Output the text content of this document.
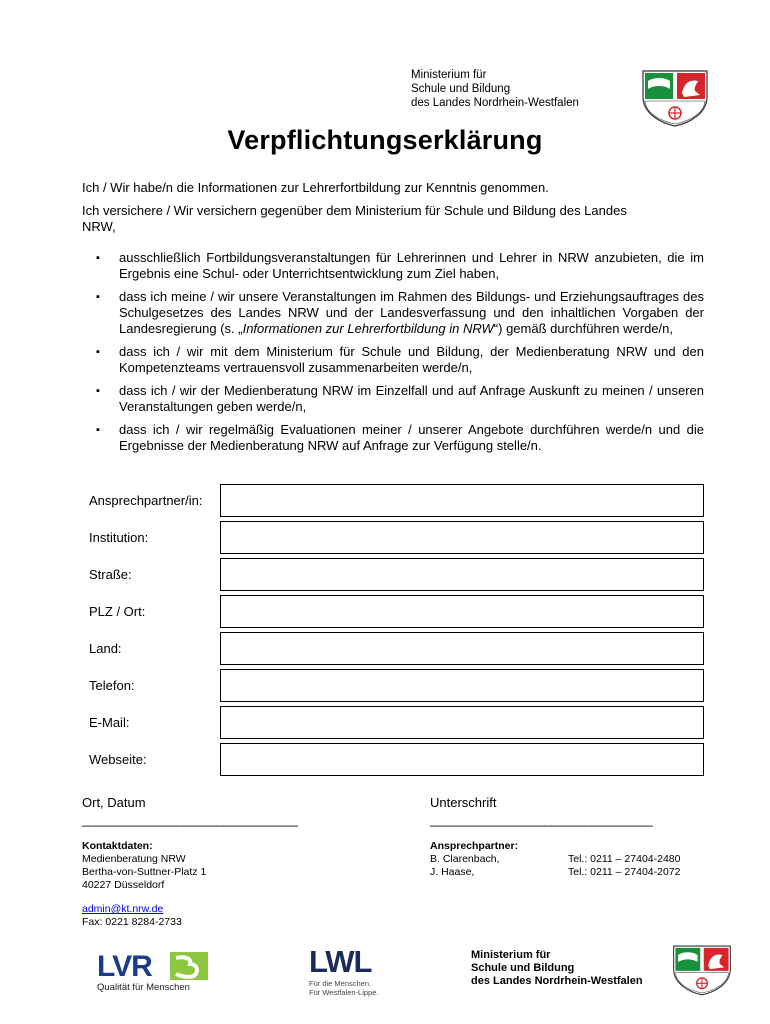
Ministerium für
Schule und Bildung
des Landes Nordrhein-Westfalen
Verpflichtungserklärung
Ich / Wir habe/n die Informationen zur Lehrerfortbildung zur Kenntnis genommen.
Ich versichere / Wir versichern gegenüber dem Ministerium für Schule und Bildung des Landes NRW,
▪ ausschließlich Fortbildungsveranstaltungen für Lehrerinnen und Lehrer in NRW anzubieten, die im Ergebnis eine Schul- oder Unterrichtsentwicklung zum Ziel haben,
▪ dass ich meine / wir unsere Veranstaltungen im Rahmen des Bildungs- und Erziehungsauftrages des Schulgesetzes des Landes NRW und der Landesverfassung und den inhaltlichen Vorgaben der Landesregierung (s. „Informationen zur Lehrerfortbildung in NRW“) gemäß durchführen werde/n,
▪ dass ich / wir mit dem Ministerium für Schule und Bildung, der Medienberatung NRW und den Kompetenzteams vertrauensvoll zusammenarbeiten werde/n,
▪ dass ich / wir der Medienberatung NRW im Einzelfall und auf Anfrage Auskunft zu meinen / unseren Veranstaltungen geben werde/n,
▪ dass ich / wir regelmäßig Evaluationen meiner / unserer Angebote durchführen werde/n und die Ergebnisse der Medienberatung NRW auf Anfrage zur Verfügung stelle/n.
Ansprechpartner/in:
Institution:
Straße:
PLZ / Ort:
Land:
Telefon:
E-Mail:
Webseite:
Ort, Datum	Unterschrift
________________________________	_________________________________
Kontaktdaten:
Medienberatung NRW
Bertha-von-Suttner-Platz 1
40227 Düsseldorf
admin@kt.nrw.de
Fax: 0221 8284-2733
Ansprechpartner:
B. Clarenbach,
J. Haase,
Tel.: 0211 – 27404-2480
Tel.: 0211 – 27404-2072
LVR
Qualität für Menschen
LWL
Für die Menschen.
Für Westfalen-Lippe.
Ministerium für
Schule und Bildung
des Landes Nordrhein-Westfalen
